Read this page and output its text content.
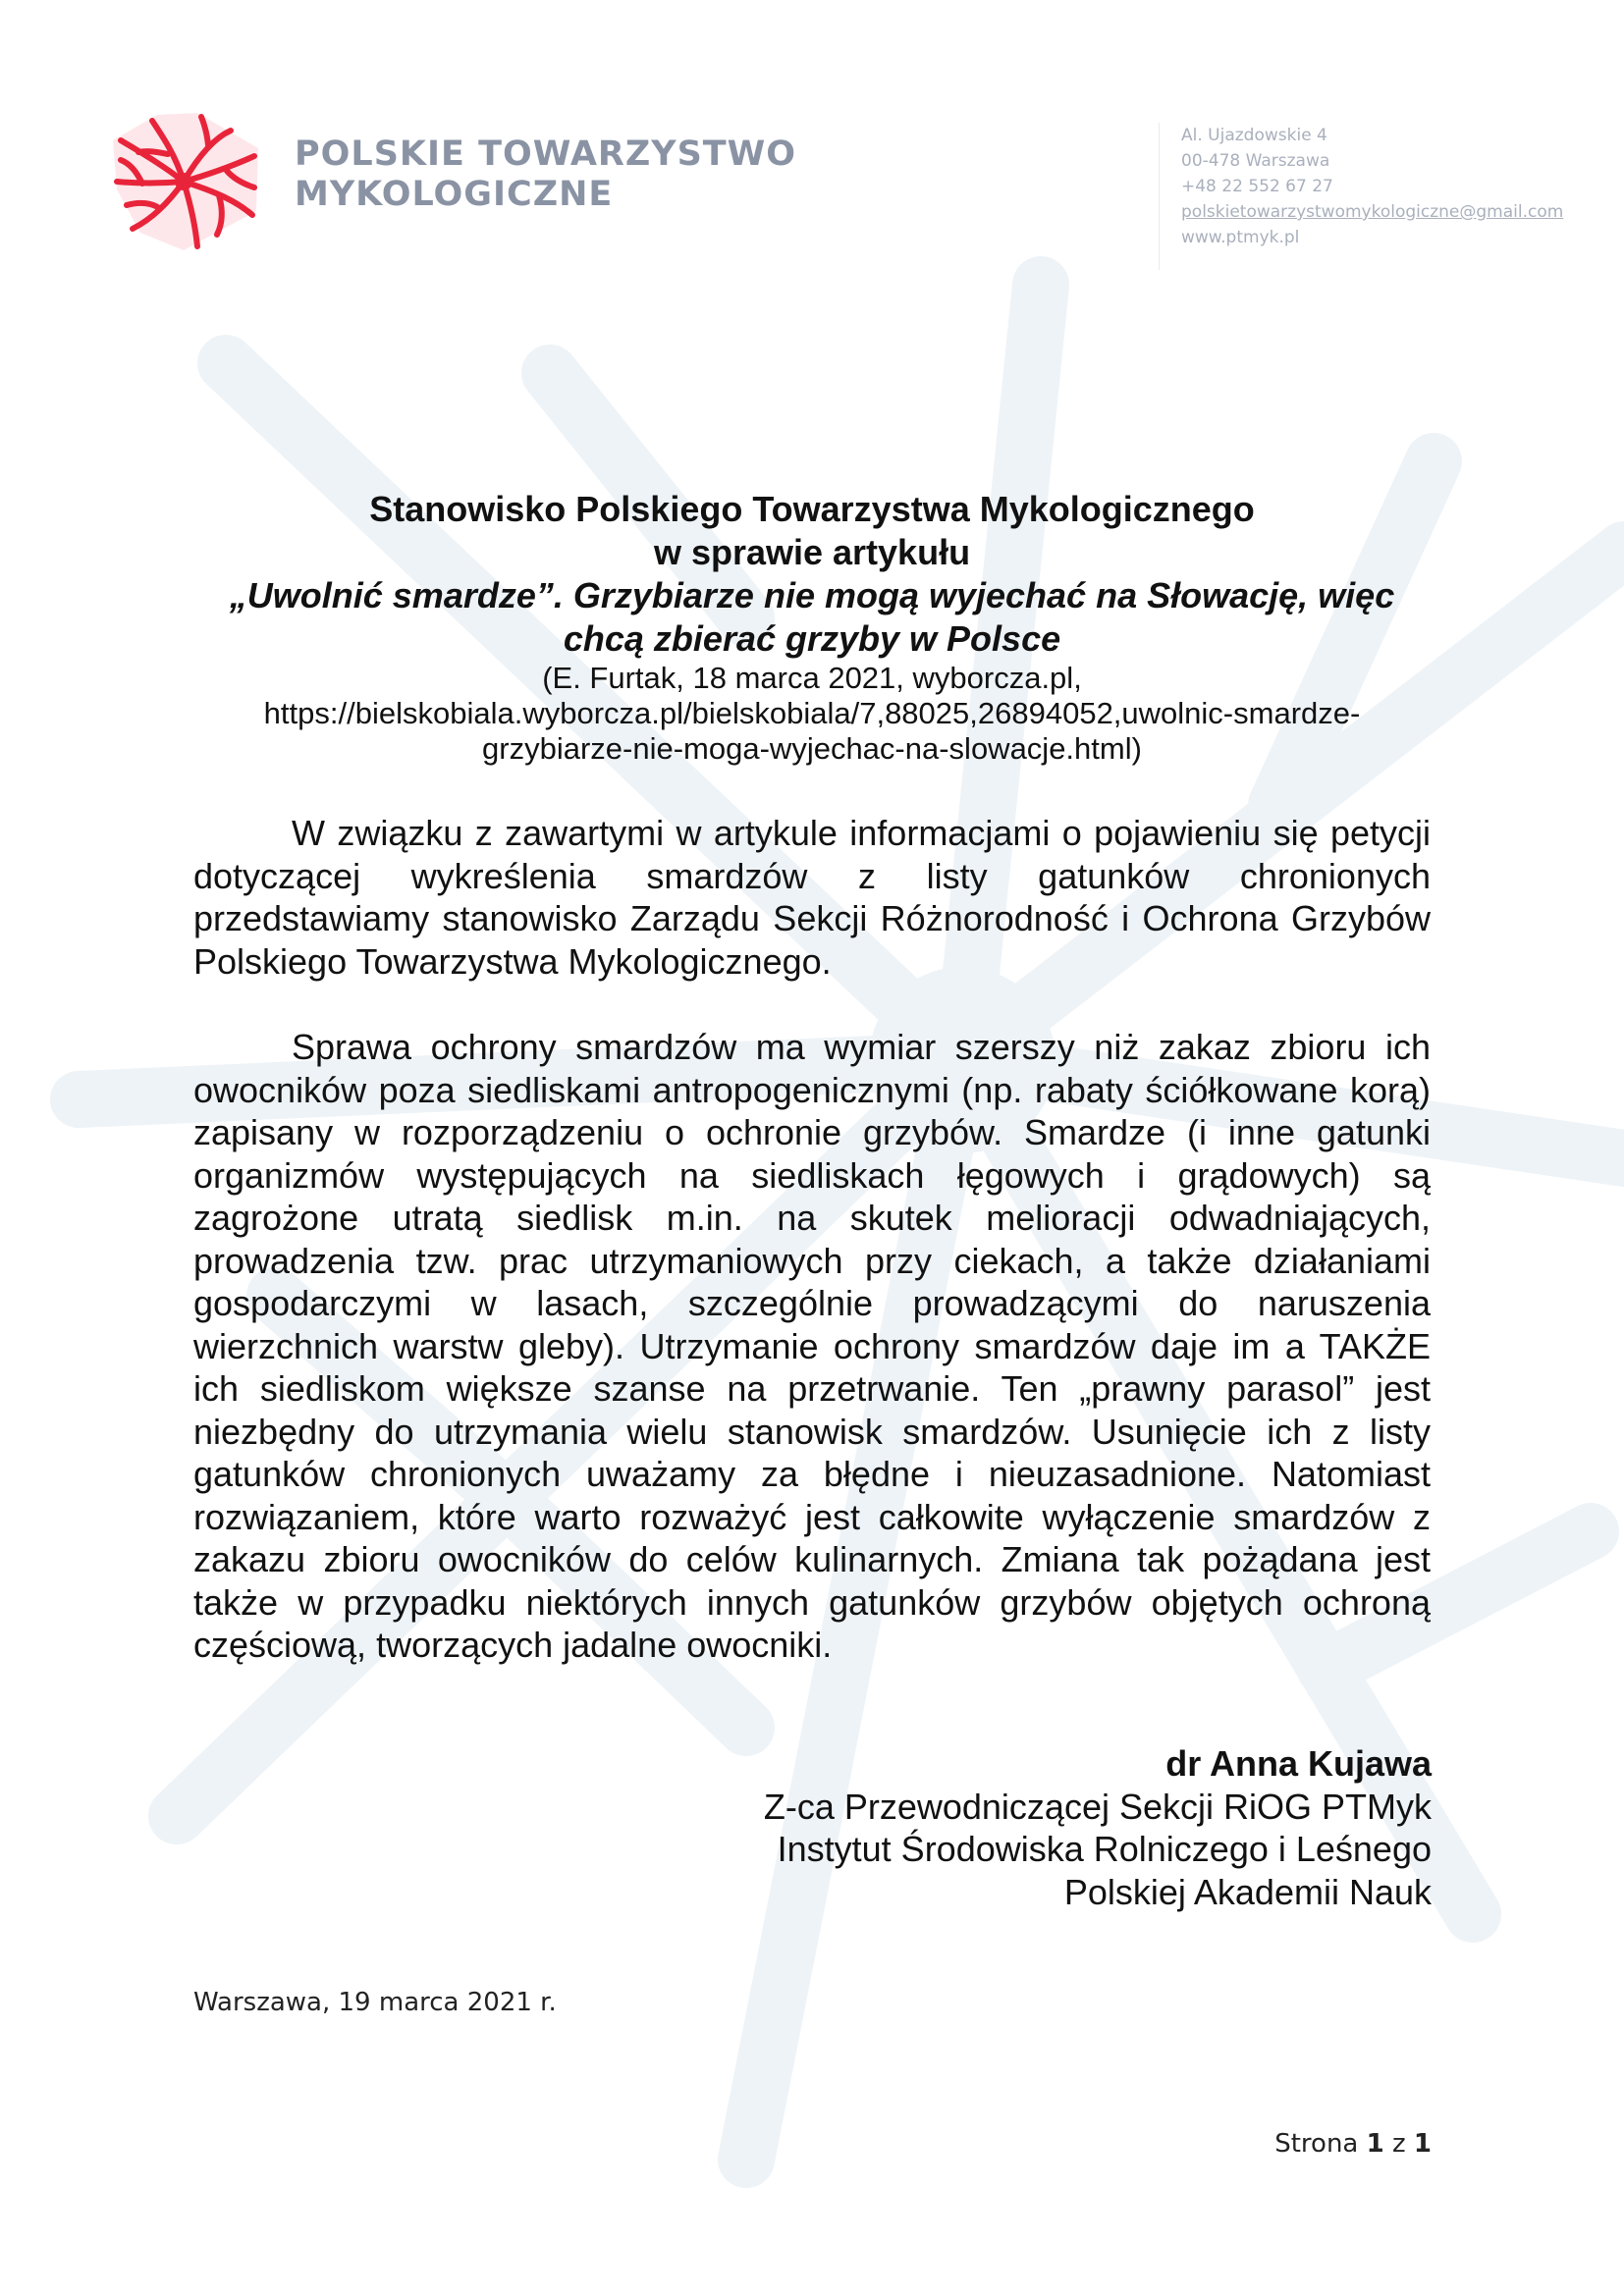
POLSKIE TOWARZYSTWO
MYKOLOGICZNE
Al. Ujazdowskie 4
00-478 Warszawa
+48 22 552 67 27
polskietowarzystwomykologiczne@gmail.com
www.ptmyk.pl
Stanowisko Polskiego Towarzystwa Mykologicznego
w sprawie artykułu
„Uwolnić smardze”. Grzybiarze nie mogą wyjechać na Słowację, więc
chcą zbierać grzyby w Polsce
(E. Furtak, 18 marca 2021, wyborcza.pl,
https://bielskobiala.wyborcza.pl/bielskobiala/7,88025,26894052,uwolnic-smardze-
grzybiarze-nie-moga-wyjechac-na-slowacje.html)

W związku z zawartymi w artykule informacjami o pojawieniu się petycji dotyczącej wykreślenia smardzów z listy gatunków chronionych przedstawiamy stanowisko Zarządu Sekcji Różnorodność i Ochrona Grzybów Polskiego Towarzystwa Mykologicznego.

Sprawa ochrony smardzów ma wymiar szerszy niż zakaz zbioru ich owocników poza siedliskami antropogenicznymi (np. rabaty ściółkowane korą) zapisany w rozporządzeniu o ochronie grzybów. Smardze (i inne gatunki organizmów występujących na siedliskach łęgowych i grądowych) są zagrożone utratą siedlisk m.in. na skutek melioracji odwadniających, prowadzenia tzw. prac utrzymaniowych przy ciekach, a także działaniami gospodarczymi w lasach, szczególnie prowadzącymi do naruszenia wierzchnich warstw gleby). Utrzymanie ochrony smardzów daje im a TAKŻE ich siedliskom większe szanse na przetrwanie. Ten „prawny parasol” jest niezbędny do utrzymania wielu stanowisk smardzów. Usunięcie ich z listy gatunków chronionych uważamy za błędne i nieuzasadnione. Natomiast rozwiązaniem, które warto rozważyć jest całkowite wyłączenie smardzów z zakazu zbioru owocników do celów kulinarnych. Zmiana tak pożądana jest także w przypadku niektórych innych gatunków grzybów objętych ochroną częściową, tworzących jadalne owocniki.

dr Anna Kujawa
Z-ca Przewodniczącej Sekcji RiOG PTMyk
Instytut Środowiska Rolniczego i Leśnego
Polskiej Akademii Nauk
Warszawa, 19 marca 2021 r.
Strona 1 z 1
